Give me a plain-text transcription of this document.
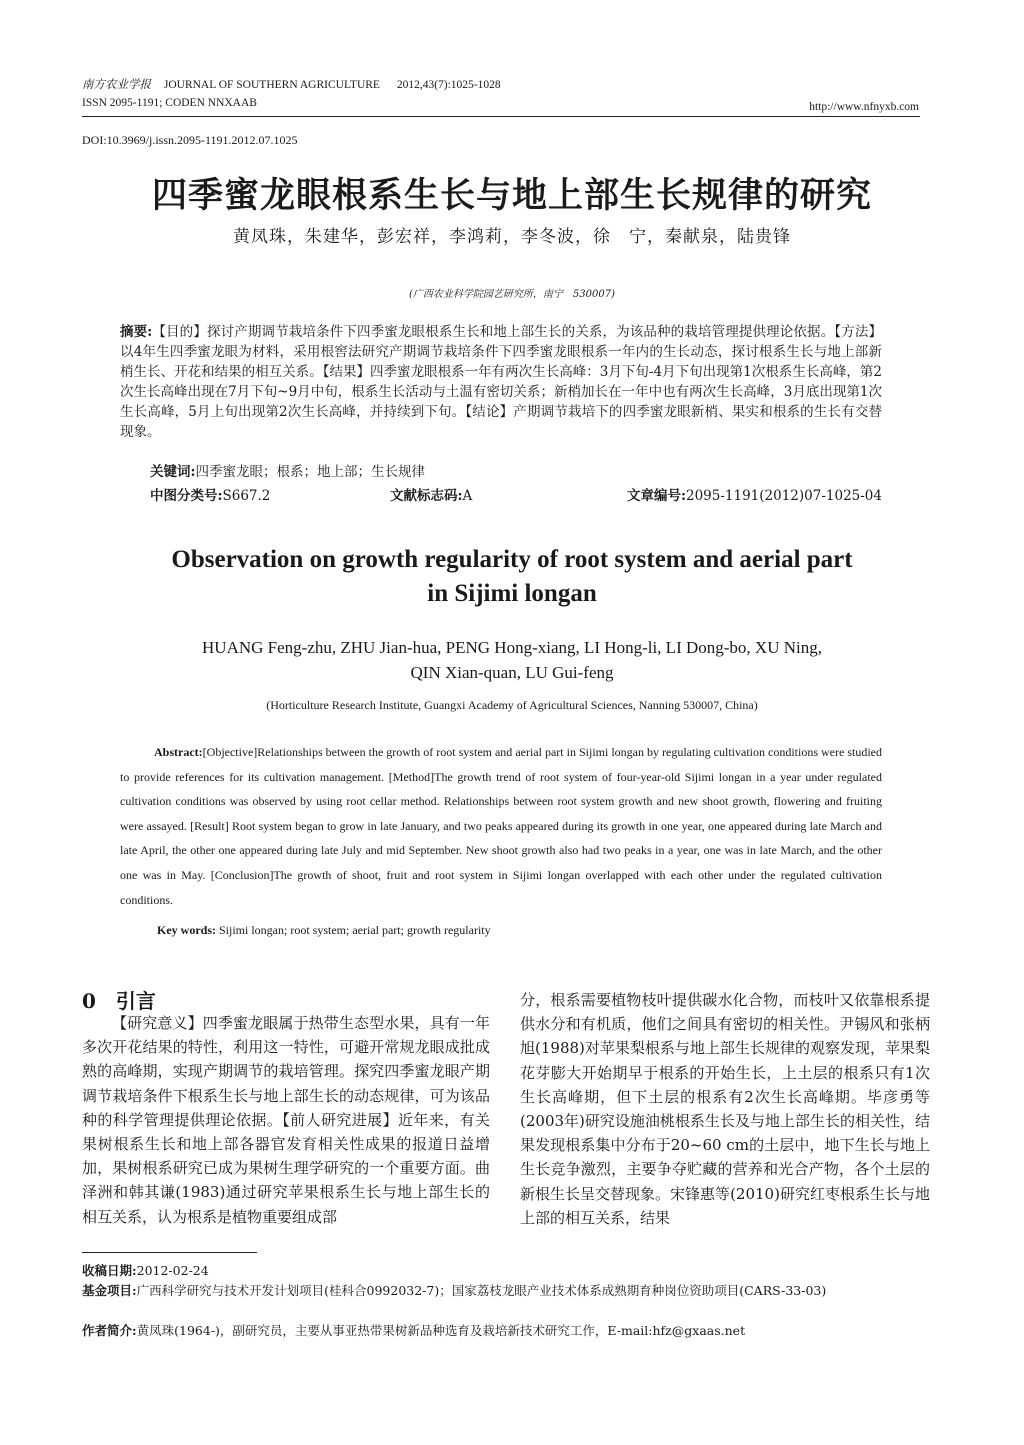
南方农业学报 JOURNAL OF SOUTHERN AGRICULTURE 2012,43(7):1025-1028
ISSN 2095-1191; CODEN NNXAAB	http://www.nfnyxb.com
DOI:10.3969/j.issn.2095-1191.2012.07.1025
四季蜜龙眼根系生长与地上部生长规律的研究
黄凤珠，朱建华，彭宏祥，李鸿莉，李冬波，徐　宁，秦献泉，陆贵锋
(广西农业科学院园艺研究所，南宁　530007)
摘要:【目的】探讨产期调节栽培条件下四季蜜龙眼根系生长和地上部生长的关系，为该品种的栽培管理提供理论依据。【方法】以4年生四季蜜龙眼为材料，采用根窖法研究产期调节栽培条件下四季蜜龙眼根系一年内的生长动态，探讨根系生长与地上部新梢生长、开花和结果的相互关系。【结果】四季蜜龙眼根系一年有两次生长高峰：3月下旬-4月下旬出现第1次根系生长高峰，第2次生长高峰出现在7月下旬~9月中旬，根系生长活动与土温有密切关系；新梢加长在一年中也有两次生长高峰，3月底出现第1次生长高峰，5月上旬出现第2次生长高峰，并持续到下旬。【结论】产期调节栽培下的四季蜜龙眼新梢、果实和根系的生长有交替现象。
关键词:四季蜜龙眼；根系；地上部；生长规律
中图分类号:S667.2	文献标志码:A	文章编号:2095-1191(2012)07-1025-04
Observation on growth regularity of root system and aerial part
in Sijimi longan
HUANG Feng-zhu, ZHU Jian-hua, PENG Hong-xiang, LI Hong-li, LI Dong-bo, XU Ning,
QIN Xian-quan, LU Gui-feng
(Horticulture Research Institute, Guangxi Academy of Agricultural Sciences, Nanning 530007, China)
Abstract:[Objective]Relationships between the growth of root system and aerial part in Sijimi longan by regulating cultivation conditions were studied to provide references for its cultivation management. [Method]The growth trend of root system of four-year-old Sijimi longan in a year under regulated cultivation conditions was observed by using root cellar method. Relationships between root system growth and new shoot growth, flowering and fruiting were assayed. [Result] Root system began to grow in late January, and two peaks appeared during its growth in one year, one appeared during late March and late April, the other one appeared during late July and mid September. New shoot growth also had two peaks in a year, one was in late March, and the other one was in May. [Conclusion]The growth of shoot, fruit and root system in Sijimi longan overlapped with each other under the regulated cultivation conditions.
Key words: Sijimi longan; root system; aerial part; growth regularity
0 引言
【研究意义】四季蜜龙眼属于热带生态型水果，具有一年多次开花结果的特性，利用这一特性，可避开常规龙眼成批成熟的高峰期，实现产期调节的栽培管理。探究四季蜜龙眼产期调节栽培条件下根系生长与地上部生长的动态规律，可为该品种的科学管理提供理论依据。【前人研究进展】近年来，有关果树根系生长和地上部各器官发育相关性成果的报道日益增加，果树根系研究已成为果树生理学研究的一个重要方面。曲泽洲和韩其谦(1983)通过研究苹果根系生长与地上部生长的相互关系，认为根系是植物重要组成部
分，根系需要植物枝叶提供碳水化合物，而枝叶又依靠根系提供水分和有机质，他们之间具有密切的相关性。尹锡风和张柄旭(1988)对苹果梨根系与地上部生长规律的观察发现，苹果梨花芽膨大开始期早于根系的开始生长，上土层的根系只有1次生长高峰期，但下土层的根系有2次生长高峰期。毕彦勇等(2003年)研究设施油桃根系生长及与地上部生长的相关性，结果发现根系集中分布于20~60 cm的土层中，地下生长与地上生长竞争激烈，主要争夺贮藏的营养和光合产物，各个土层的新根生长呈交替现象。宋锋惠等(2010)研究红枣根系生长与地上部的相互关系，结果
收稿日期:2012-02-24
基金项目:广西科学研究与技术开发计划项目(桂科合0992032-7)；国家荔枝龙眼产业技术体系成熟期育种岗位资助项目(CARS-33-03)
作者简介:黄凤珠(1964-)，副研究员，主要从事亚热带果树新品种选育及栽培新技术研究工作，E-mail:hfz@gxaas.net
